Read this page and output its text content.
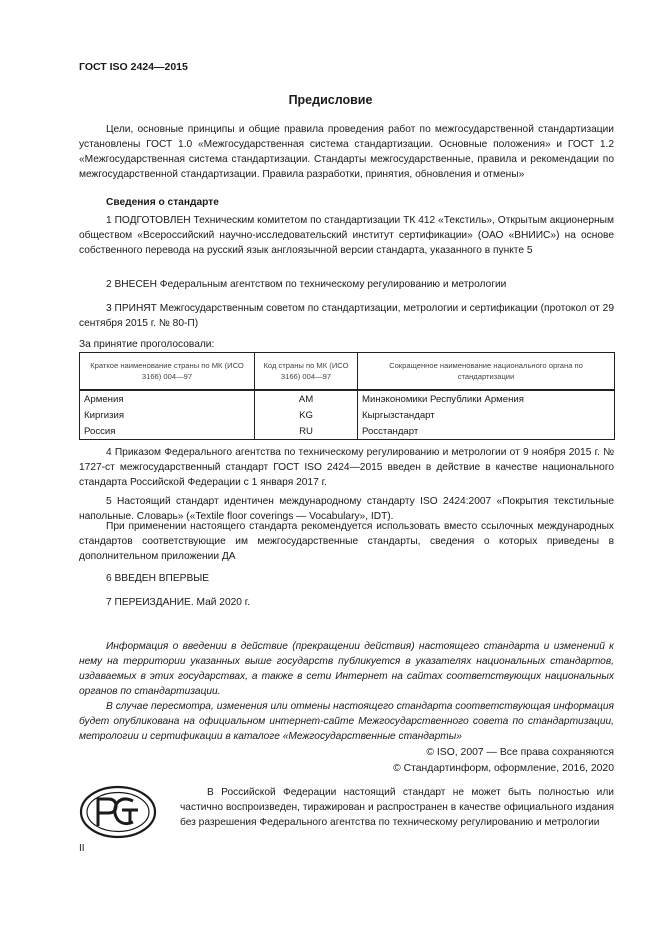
ГОСТ ISO 2424—2015
Предисловие
Цели, основные принципы и общие правила проведения работ по межгосударственной стандартизации установлены ГОСТ 1.0 «Межгосударственная система стандартизации. Основные положения» и ГОСТ 1.2 «Межгосударственная система стандартизации. Стандарты межгосударственные, правила и рекомендации по межгосударственной стандартизации. Правила разработки, принятия, обновления и отмены»
Сведения о стандарте
1 ПОДГОТОВЛЕН Техническим комитетом по стандартизации ТК 412 «Текстиль», Открытым акционерным обществом «Всероссийский научно-исследовательский институт сертификации» (ОАО «ВНИИС») на основе собственного перевода на русский язык англоязычной версии стандарта, указанного в пункте 5
2 ВНЕСЕН Федеральным агентством по техническому регулированию и метрологии
3 ПРИНЯТ Межгосударственным советом по стандартизации, метрологии и сертификации (протокол от 29 сентября 2015 г. № 80-П)
За принятие проголосовали:
Краткое наименование страны по МК (ИСО 3166) 004—97	Код страны по МК (ИСО 3166) 004—97	Сокращенное наименование национального органа по стандартизации
Армения	AM	Минэкономики Республики Армения
Киргизия	KG	Кыргызстандарт
Россия	RU	Росстандарт
4 Приказом Федерального агентства по техническому регулированию и метрологии от 9 ноября 2015 г. № 1727-ст межгосударственный стандарт ГОСТ ISO 2424—2015 введен в действие в качестве национального стандарта Российской Федерации с 1 января 2017 г.
5 Настоящий стандарт идентичен международному стандарту ISO 2424:2007 «Покрытия текстильные напольные. Словарь» («Textile floor coverings — Vocabulary», IDT).
При применении настоящего стандарта рекомендуется использовать вместо ссылочных международных стандартов соответствующие им межгосударственные стандарты, сведения о которых приведены в дополнительном приложении ДА
6 ВВЕДЕН ВПЕРВЫЕ
7 ПЕРЕИЗДАНИЕ. Май 2020 г.
Информация о введении в действие (прекращении действия) настоящего стандарта и изменений к нему на территории указанных выше государств публикуется в указателях национальных стандартов, издаваемых в этих государствах, а также в сети Интернет на сайтах соответствующих национальных органов по стандартизации.
В случае пересмотра, изменения или отмены настоящего стандарта соответствующая информация будет опубликована на официальном интернет-сайте Межгосударственного совета по стандартизации, метрологии и сертификации в каталоге «Межгосударственные стандарты»
© ISO, 2007 — Все права сохраняются
© Стандартинформ, оформление, 2016, 2020
В Российской Федерации настоящий стандарт не может быть полностью или частично воспроизведен, тиражирован и распространен в качестве официального издания без разрешения Федерального агентства по техническому регулированию и метрологии
II
